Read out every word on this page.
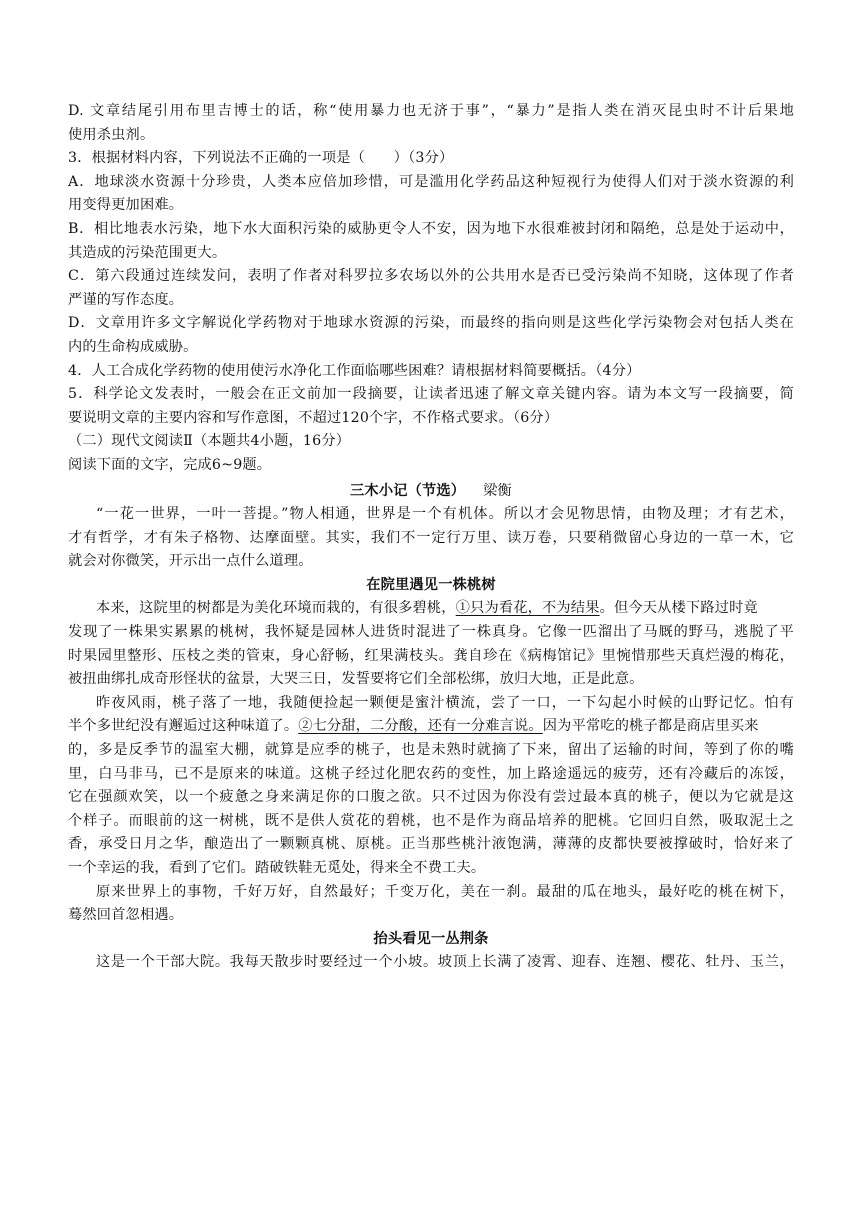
D. 文章结尾引用布里吉博士的话，称“使用暴力也无济于事”，“暴力”是指人类在消灭昆虫时不计后果地
使用杀虫剂。
3．根据材料内容，下列说法不正确的一项是（　　）（3分）
A．地球淡水资源十分珍贵，人类本应倍加珍惜，可是滥用化学药品这种短视行为使得人们对于淡水资源的利
用变得更加困难。
B．相比地表水污染，地下水大面积污染的威胁更令人不安，因为地下水很难被封闭和隔绝，总是处于运动中，
其造成的污染范围更大。
C．第六段通过连续发问，表明了作者对科罗拉多农场以外的公共用水是否已受污染尚不知晓，这体现了作者
严谨的写作态度。
D．文章用许多文字解说化学药物对于地球水资源的污染，而最终的指向则是这些化学污染物会对包括人类在
内的生命构成威胁。
4．人工合成化学药物的使用使污水净化工作面临哪些困难？请根据材料简要概括。（4分）
5．科学论文发表时，一般会在正文前加一段摘要，让读者迅速了解文章关键内容。请为本文写一段摘要，简
要说明文章的主要内容和写作意图，不超过120个字，不作格式要求。（6分）
（二）现代文阅读Ⅱ（本题共4小题，16分）
阅读下面的文字，完成6~9题。
三木小记（节选） 梁衡
“一花一世界，一叶一菩提。”物人相通，世界是一个有机体。所以才会见物思情，由物及理；才有艺术，
才有哲学，才有朱子格物、达摩面壁。其实，我们不一定行万里、读万卷，只要稍微留心身边的一草一木，它
就会对你微笑，开示出一点什么道理。
在院里遇见一株桃树
本来，这院里的树都是为美化环境而栽的，有很多碧桃，①只为看花，不为结果。但今天从楼下路过时竟
发现了一株果实累累的桃树，我怀疑是园林人进货时混进了一株真身。它像一匹溜出了马厩的野马，逃脱了平
时果园里整形、压枝之类的管束，身心舒畅，红果满枝头。龚自珍在《病梅馆记》里惋惜那些天真烂漫的梅花，
被扭曲绑扎成奇形怪状的盆景，大哭三日，发誓要将它们全部松绑，放归大地，正是此意。
昨夜风雨，桃子落了一地，我随便捡起一颗便是蜜汁横流，尝了一口，一下勾起小时候的山野记忆。怕有
半个多世纪没有邂逅过这种味道了。②七分甜，二分酸，还有一分难言说。因为平常吃的桃子都是商店里买来
的，多是反季节的温室大棚，就算是应季的桃子，也是未熟时就摘了下来，留出了运输的时间，等到了你的嘴
里，白马非马，已不是原来的味道。这桃子经过化肥农药的变性，加上路途遥远的疲劳，还有冷藏后的冻馁，
它在强颜欢笑，以一个疲惫之身来满足你的口腹之欲。只不过因为你没有尝过最本真的桃子，便以为它就是这
个样子。而眼前的这一树桃，既不是供人赏花的碧桃，也不是作为商品培养的肥桃。它回归自然，吸取泥土之
香，承受日月之华，酿造出了一颗颗真桃、原桃。正当那些桃汁液饱满，薄薄的皮都快要被撑破时，恰好来了
一个幸运的我，看到了它们。踏破铁鞋无觅处，得来全不费工夫。
原来世界上的事物，千好万好，自然最好；千变万化，美在一刹。最甜的瓜在地头，最好吃的桃在树下，
蓦然回首忽相遇。
抬头看见一丛荆条
这是一个干部大院。我每天散步时要经过一个小坡。坡顶上长满了凌霄、迎春、连翘、樱花、牡丹、玉兰，
